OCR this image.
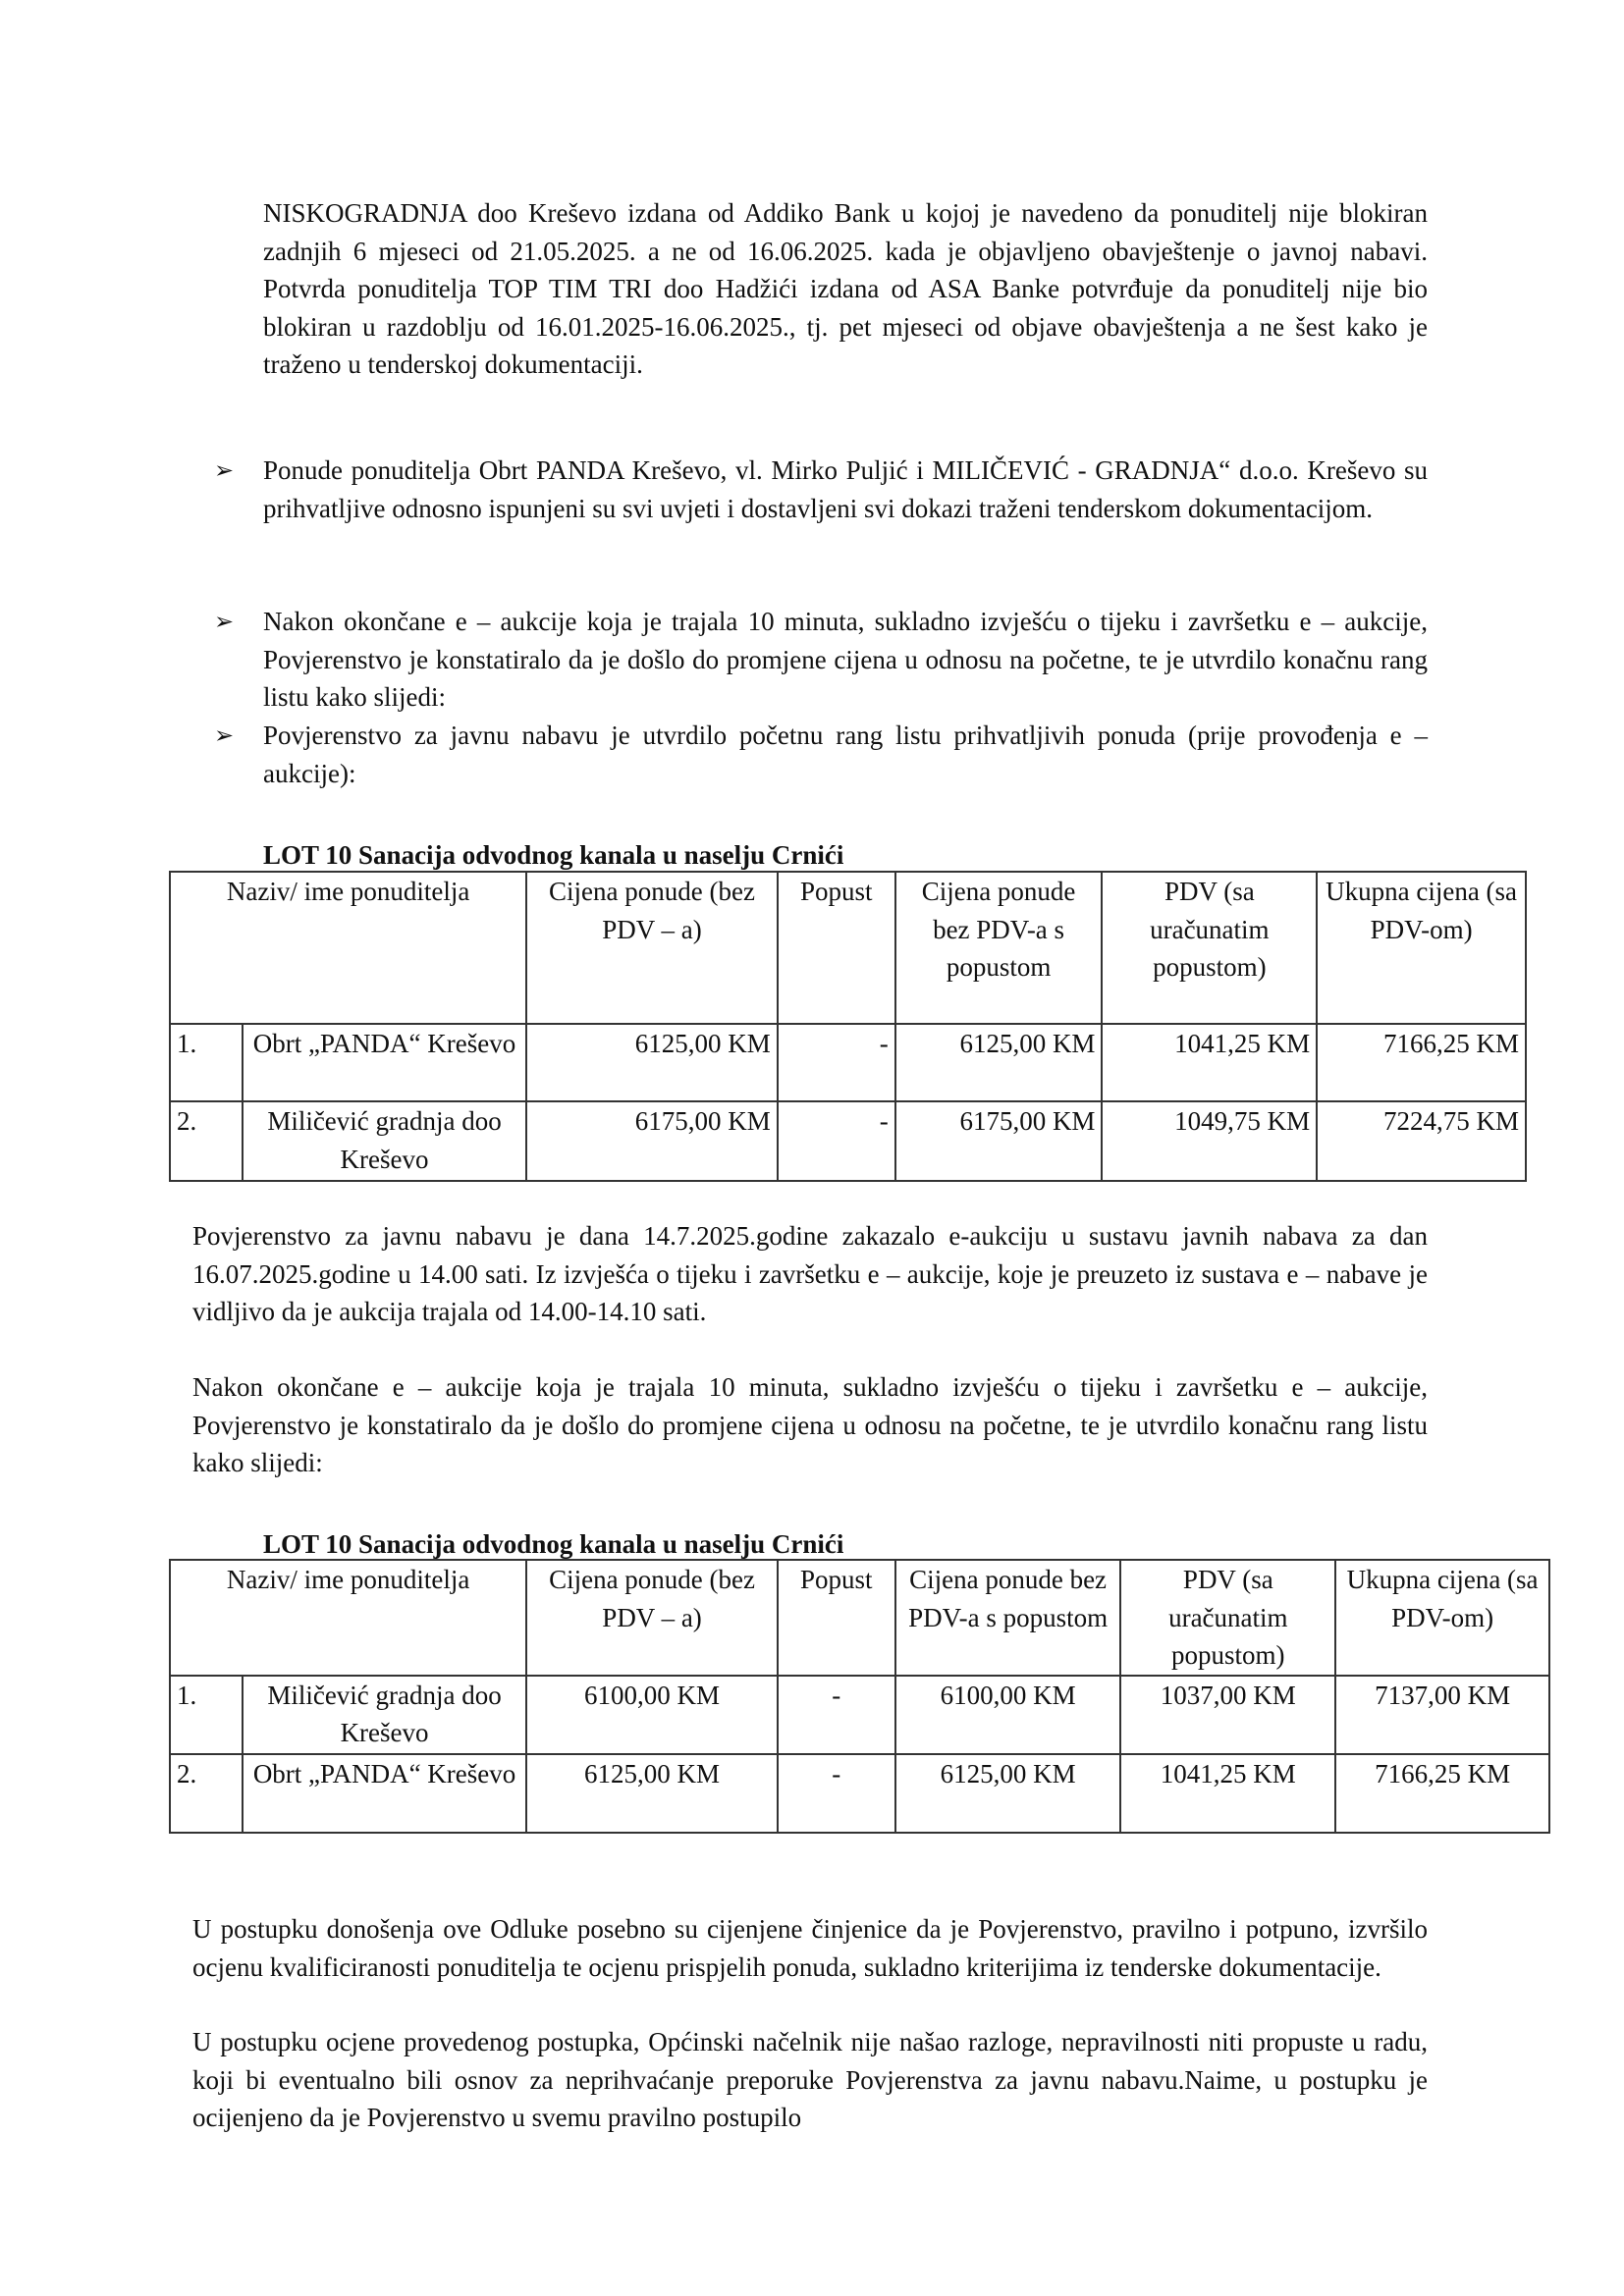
NISKOGRADNJA doo Kreševo izdana od Addiko Bank u kojoj je navedeno da ponuditelj nije blokiran zadnjih 6 mjeseci od 21.05.2025. a ne od 16.06.2025. kada je objavljeno obavještenje o javnoj nabavi. Potvrda ponuditelja TOP TIM TRI doo Hadžići izdana od ASA Banke potvrđuje da ponuditelj nije bio blokiran u razdoblju od 16.01.2025-16.06.2025., tj. pet mjeseci od objave obavještenja a ne šest kako je traženo u tenderskoj dokumentaciji.

➢	Ponude ponuditelja Obrt PANDA Kreševo, vl. Mirko Puljić i MILIČEVIĆ - GRADNJA“ d.o.o. Kreševo su prihvatljive odnosno ispunjeni su svi uvjeti i dostavljeni svi dokazi traženi tenderskom dokumentacijom.
➢	Nakon okončane e – aukcije koja je trajala 10 minuta, sukladno izvješću o tijeku i završetku e – aukcije, Povjerenstvo je konstatiralo da je došlo do promjene cijena u odnosu na početne, te je utvrdilo konačnu rang listu kako slijedi:
➢	Povjerenstvo za javnu nabavu je utvrdilo početnu rang listu prihvatljivih ponuda (prije provođenja e – aukcije):
LOT 10 Sanacija odvodnog kanala u naselju Crnići
Naziv/ ime ponuditelja		Cijena ponude (bez PDV – a)	Popust	Cijena ponude bez PDV-a s popustom	PDV (sa uračunatim popustom)	Ukupna cijena (sa PDV-om)
1.	Obrt „PANDA“ Kreševo	6125,00 KM	-	6125,00 KM	1041,25 KM	7166,25 KM
2.	Miličević gradnja doo Kreševo	6175,00 KM	-	6175,00 KM	1049,75 KM	7224,75 KM

Povjerenstvo za javnu nabavu je dana 14.7.2025.godine zakazalo e-aukciju u sustavu javnih nabava za dan 16.07.2025.godine u 14.00 sati. Iz izvješća o tijeku i završetku e – aukcije, koje je preuzeto iz sustava e – nabave je vidljivo da je aukcija trajala od 14.00-14.10 sati.

Nakon okončane e – aukcije koja je trajala 10 minuta, sukladno izvješću o tijeku i završetku e – aukcije, Povjerenstvo je konstatiralo da je došlo do promjene cijena u odnosu na početne, te je utvrdilo konačnu rang listu kako slijedi:

LOT 10 Sanacija odvodnog kanala u naselju Crnići
Naziv/ ime ponuditelja		Cijena ponude (bez PDV – a)	Popust	Cijena ponude bez PDV-a s popustom	PDV (sa uračunatim popustom)	Ukupna cijena (sa PDV-om)
1.	Miličević gradnja doo Kreševo	6100,00 KM	-	6100,00 KM	1037,00 KM	7137,00 KM
2.	Obrt „PANDA“ Kreševo	6125,00 KM	-	6125,00 KM	1041,25 KM	7166,25 KM

U postupku donošenja ove Odluke posebno su cijenjene činjenice da je Povjerenstvo, pravilno i potpuno, izvršilo ocjenu kvalificiranosti ponuditelja te ocjenu prispjelih ponuda, sukladno kriterijima iz tenderske dokumentacije.

U postupku ocjene provedenog postupka, Općinski načelnik nije našao razloge, nepravilnosti niti propuste u radu, koji bi eventualno bili osnov za neprihvaćanje preporuke Povjerenstva za javnu nabavu.Naime, u postupku je ocijenjeno da je Povjerenstvo u svemu pravilno postupilo
